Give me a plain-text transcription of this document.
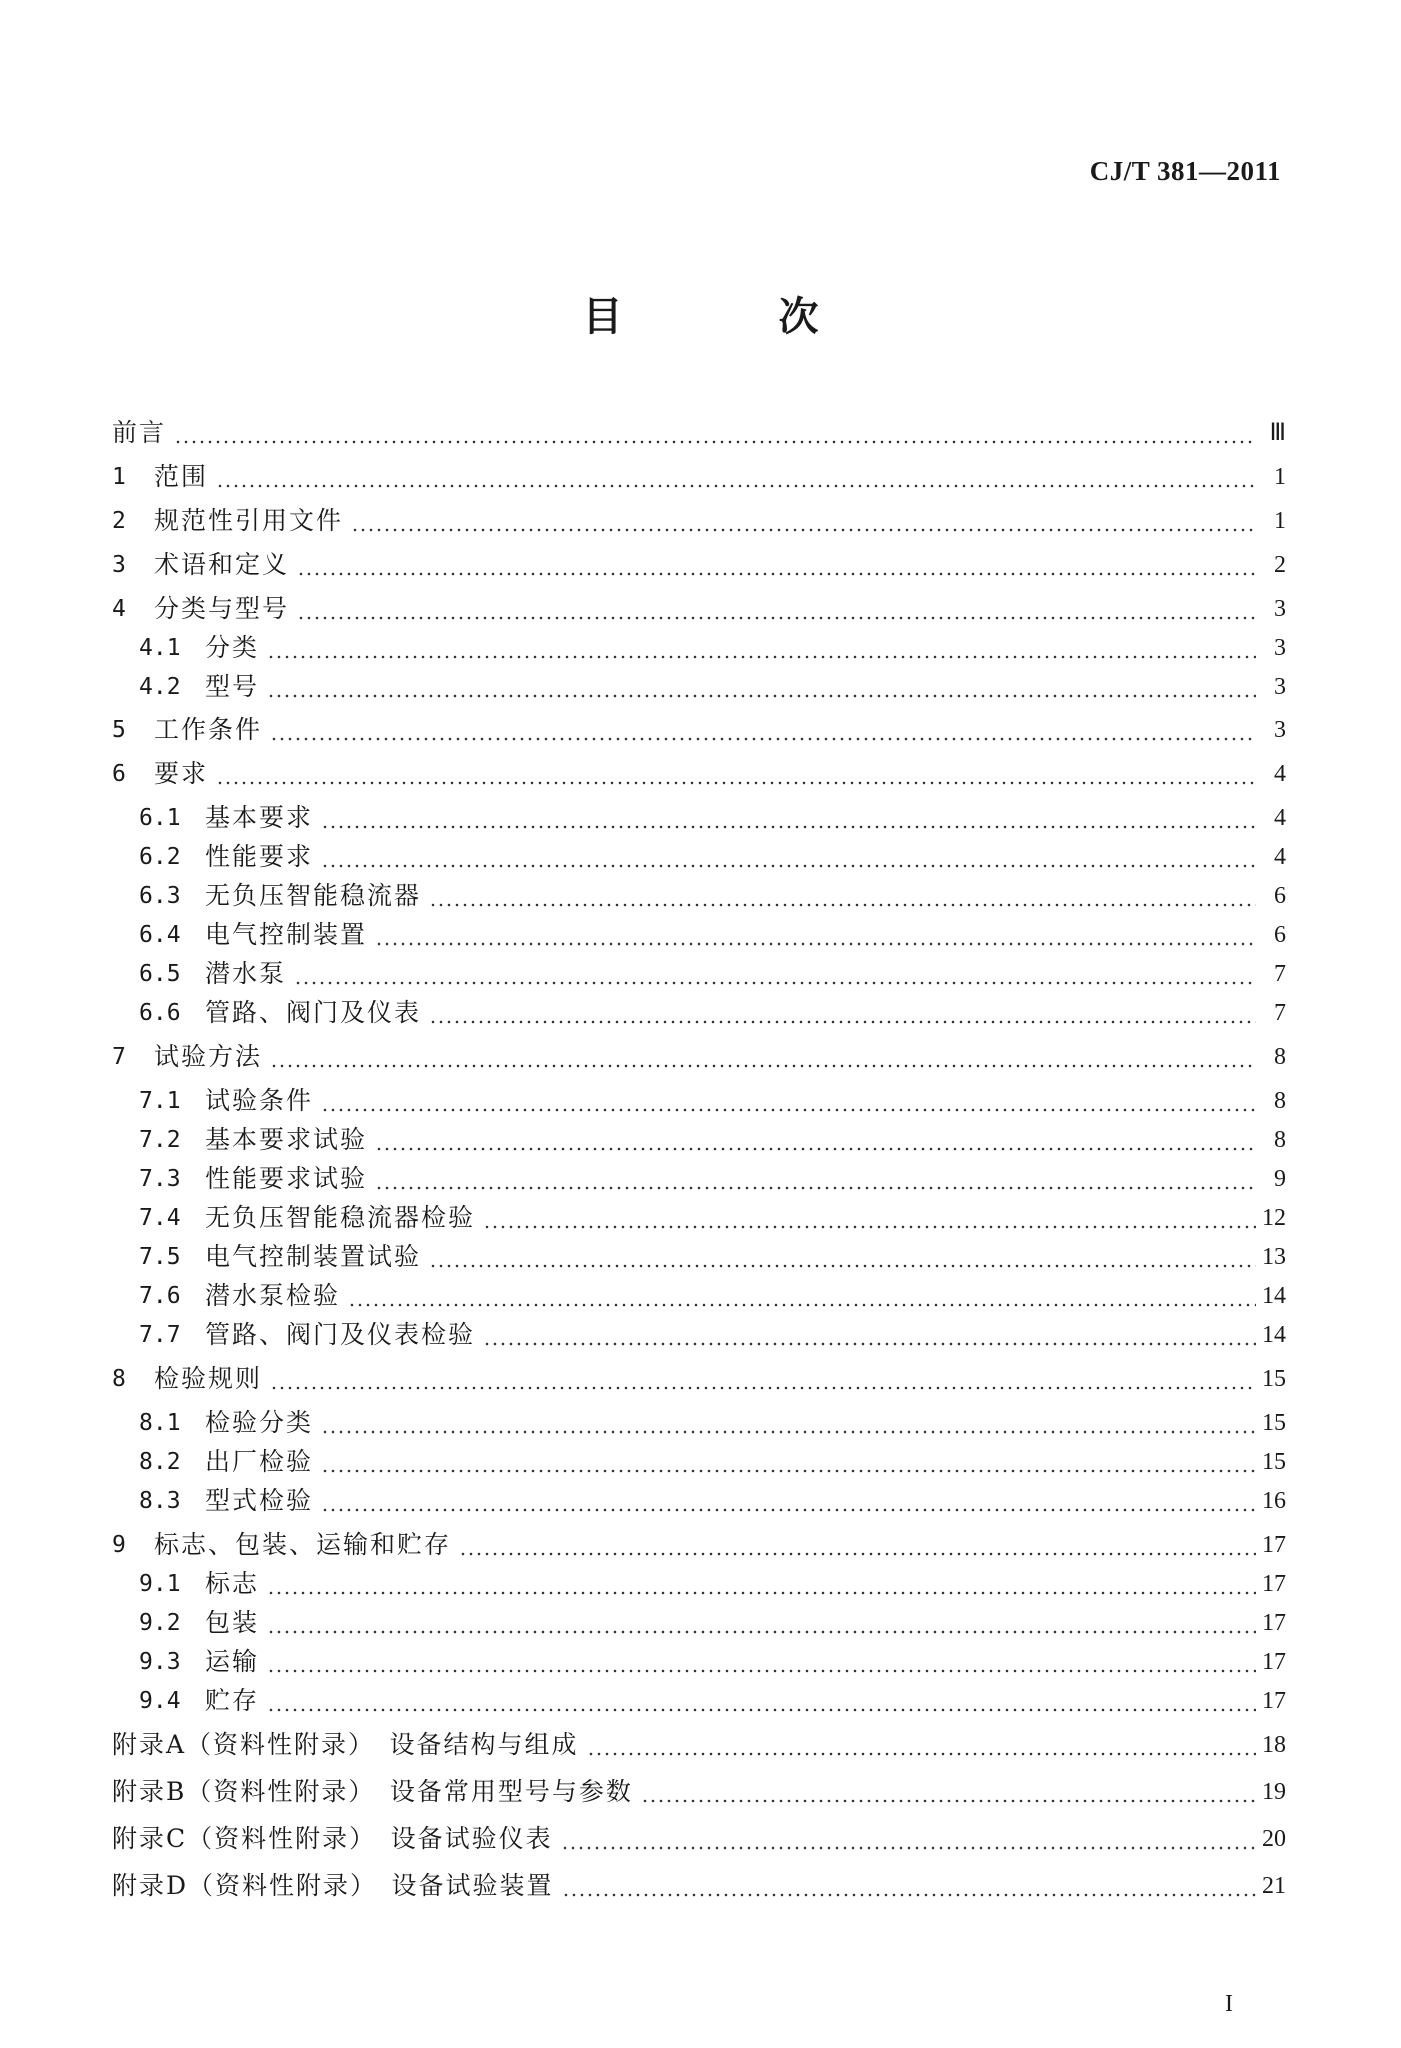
CJ/T 381—2011
目　次
前言	Ⅲ
1	范围	1
2	规范性引用文件	1
3	术语和定义	2
4	分类与型号	3
4.1 分类	3
4.2 型号	3
5	工作条件	3
6	要求	4
6.1 基本要求	4
6.2 性能要求	4
6.3 无负压智能稳流器	6
6.4 电气控制装置	6
6.5 潜水泵	7
6.6 管路、阀门及仪表	7
7	试验方法	8
7.1 试验条件	8
7.2 基本要求试验	8
7.3 性能要求试验	9
7.4 无负压智能稳流器检验	12
7.5 电气控制装置试验	13
7.6 潜水泵检验	14
7.7 管路、阀门及仪表检验	14
8	检验规则	15
8.1 检验分类	15
8.2 出厂检验	15
8.3 型式检验	16
9	标志、包装、运输和贮存	17
9.1 标志	17
9.2 包装	17
9.3 运输	17
9.4 贮存	17
附录A（资料性附录）　设备结构与组成	18
附录B（资料性附录）　设备常用型号与参数	19
附录C（资料性附录）　设备试验仪表	20
附录D（资料性附录）　设备试验装置	21
I
